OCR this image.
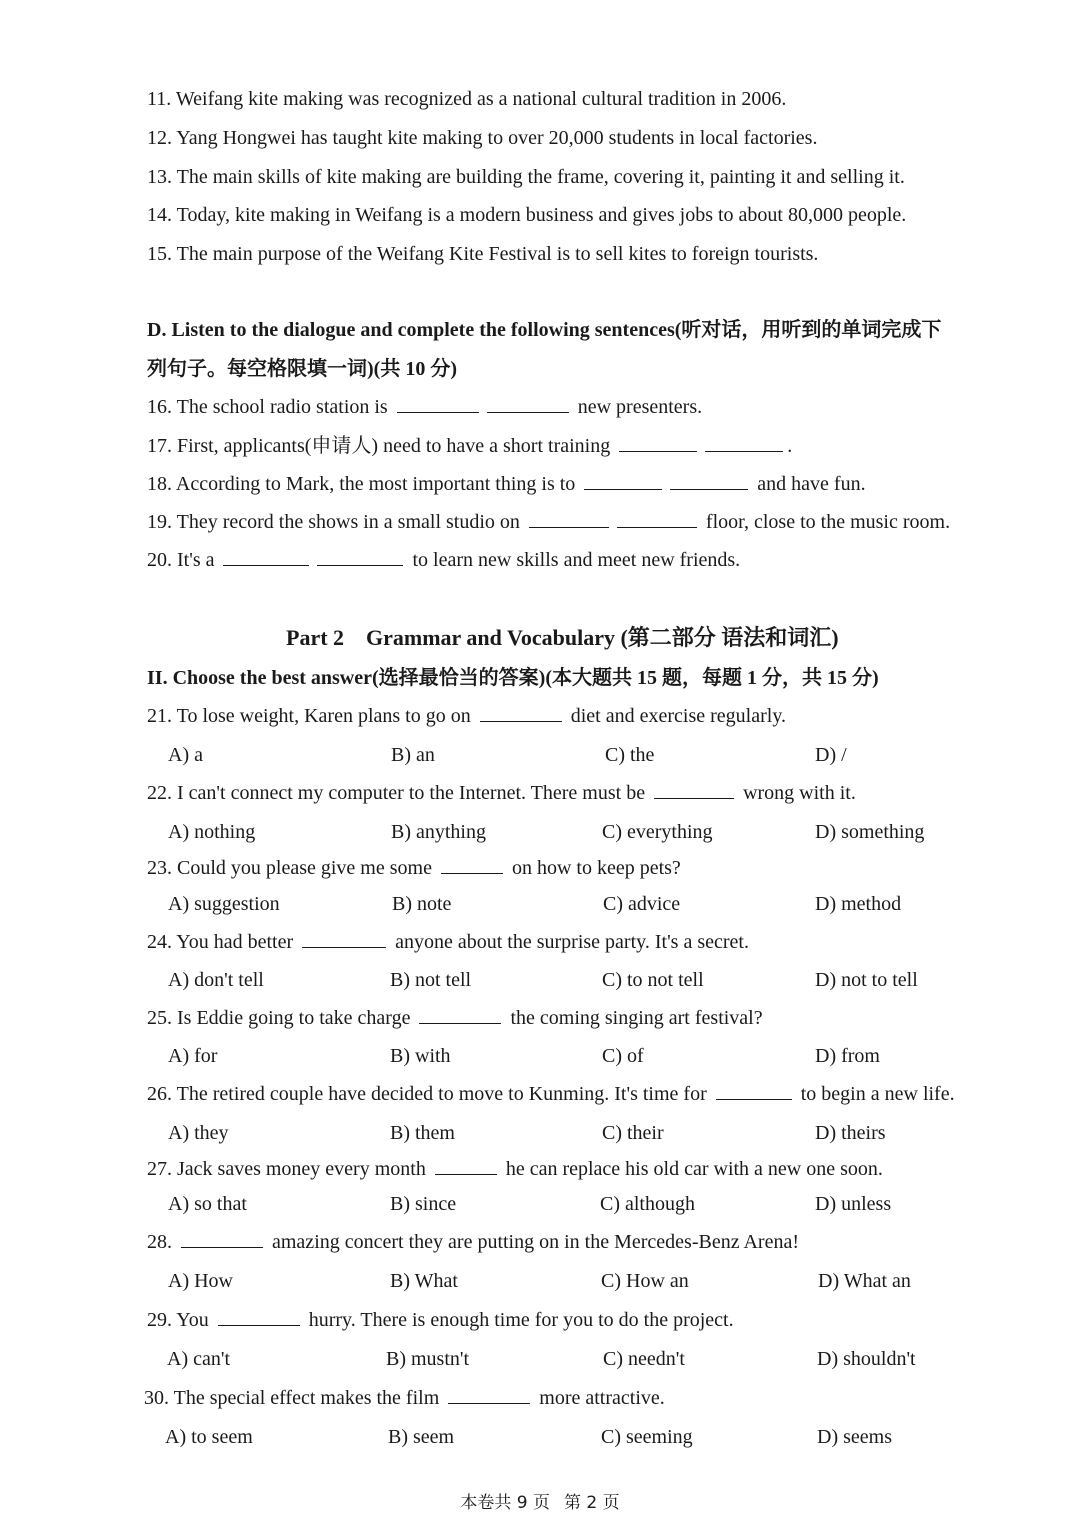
11. Weifang kite making was recognized as a national cultural tradition in 2006.
12. Yang Hongwei has taught kite making to over 20,000 students in local factories.
13. The main skills of kite making are building the frame, covering it, painting it and selling it.
14. Today, kite making in Weifang is a modern business and gives jobs to about 80,000 people.
15. The main purpose of the Weifang Kite Festival is to sell kites to foreign tourists.
D. Listen to the dialogue and complete the following sentences(听对话，用听到的单词完成下
列句子。每空格限填一词)(共 10 分)
16. The school radio station is	new presenters.
17. First, applicants(申请人) need to have a short training	.
18. According to Mark, the most important thing is to	and have fun.
19. They record the shows in a small studio on	floor, close to the music room.
20. It's a	to learn new skills and meet new friends.
Part 2 Grammar and Vocabulary (第二部分 语法和词汇)
II. Choose the best answer(选择最恰当的答案)(本大题共 15 题，每题 1 分，共 15 分)
21. To lose weight, Karen plans to go on	diet and exercise regularly.
A) a	B) an	C) the	D) /
22. I can't connect my computer to the Internet. There must be	wrong with it.
A) nothing	B) anything	C) everything	D) something
23. Could you please give me some	on how to keep pets?
A) suggestion	B) note	C) advice	D) method
24. You had better	anyone about the surprise party. It's a secret.
A) don't tell	B) not tell	C) to not tell	D) not to tell
25. Is Eddie going to take charge	the coming singing art festival?
A) for	B) with	C) of	D) from
26. The retired couple have decided to move to Kunming. It's time for	to begin a new life.
A) they	B) them	C) their	D) theirs
27. Jack saves money every month	he can replace his old car with a new one soon.
A) so that	B) since	C) although	D) unless
28.	amazing concert they are putting on in the Mercedes-Benz Arena!
A) How	B) What	C) How an	D) What an
29. You	hurry. There is enough time for you to do the project.
A) can't	B) mustn't	C) needn't	D) shouldn't
30. The special effect makes the film	more attractive.
A) to seem	B) seem	C) seeming	D) seems
本卷共 9 页 第 2 页
